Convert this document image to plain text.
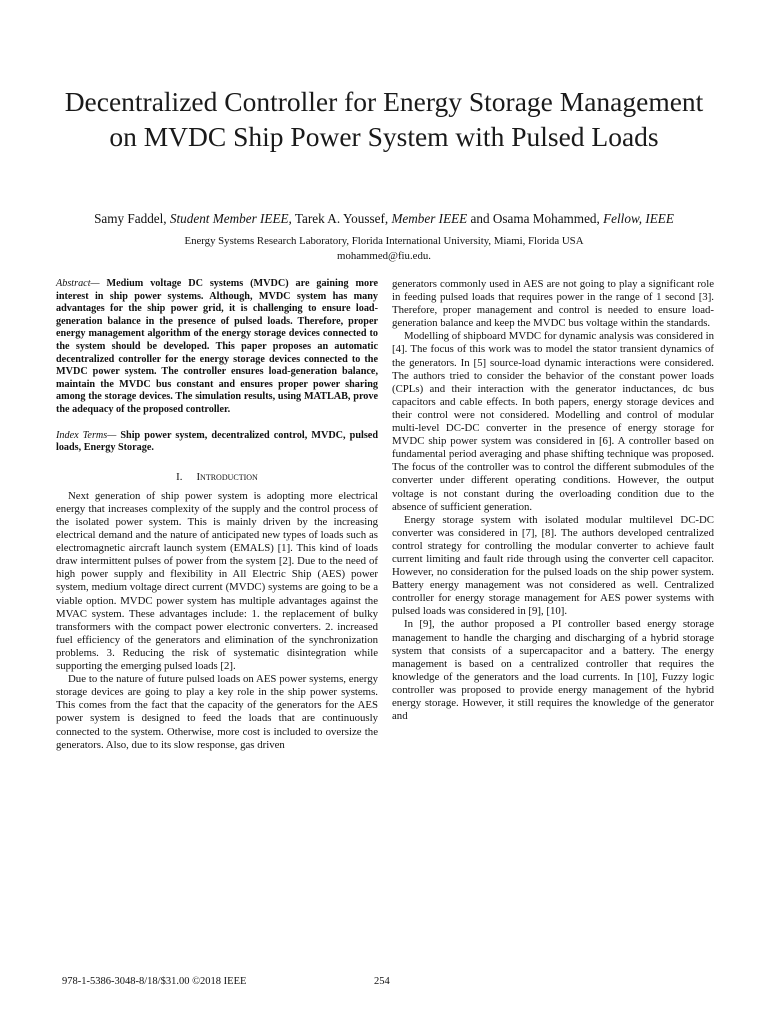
Decentralized Controller for Energy Storage Management on MVDC Ship Power System with Pulsed Loads
Samy Faddel, Student Member IEEE, Tarek A. Youssef, Member IEEE and Osama Mohammed, Fellow, IEEE
Energy Systems Research Laboratory, Florida International University, Miami, Florida USA
mohammed@fiu.edu.

Abstract— Medium voltage DC systems (MVDC) are gaining more interest in ship power systems. Although, MVDC system has many advantages for the ship power grid, it is challenging to ensure load-generation balance in the presence of pulsed loads. Therefore, proper energy management algorithm of the energy storage devices connected to the system should be developed. This paper proposes an automatic decentralized controller for the energy storage devices connected to the MVDC power system. The controller ensures load-generation balance, maintain the MVDC bus constant and ensures proper power sharing among the storage devices. The simulation results, using MATLAB, prove the adequacy of the proposed controller.

Index Terms— Ship power system, decentralized control, MVDC, pulsed loads, Energy Storage.

I. Introduction

Next generation of ship power system is adopting more electrical energy that increases complexity of the supply and the control process of the isolated power system. This is mainly driven by the increasing electrical demand and the nature of anticipated new types of loads such as electromagnetic aircraft launch system (EMALS) [1]. This kind of loads draw intermittent pulses of power from the system [2]. Due to the need of high power supply and flexibility in All Electric Ship (AES) power system, medium voltage direct current (MVDC) systems are going to be a viable option. MVDC power system has multiple advantages against the MVAC system. These advantages include: 1. the replacement of bulky transformers with the compact power electronic converters. 2. increased fuel efficiency of the generators and elimination of the synchronization problems. 3. Reducing the risk of systematic disintegration while supporting the emerging pulsed loads [2].

Due to the nature of future pulsed loads on AES power systems, energy storage devices are going to play a key role in the ship power systems. This comes from the fact that the capacity of the generators for the AES power system is designed to feed the loads that are continuously connected to the system. Otherwise, more cost is included to oversize the generators. Also, due to its slow response, gas driven

generators commonly used in AES are not going to play a significant role in feeding pulsed loads that requires power in the range of 1 second [3]. Therefore, proper management and control is needed to ensure load-generation balance and keep the MVDC bus voltage within the standards.

Modelling of shipboard MVDC for dynamic analysis was considered in [4]. The focus of this work was to model the stator transient dynamics of the generators. In [5] source-load dynamic interactions were considered. The authors tried to consider the behavior of the constant power loads (CPLs) and their interaction with the generator inductances, dc bus capacitors and cable effects. In both papers, energy storage devices and their control were not considered. Modelling and control of modular multi-level DC-DC converter in the presence of energy storage for MVDC ship power system was considered in [6]. A controller based on fundamental period averaging and phase shifting technique was proposed. The focus of the controller was to control the different submodules of the converter under different operating conditions. However, the output voltage is not constant during the overloading condition due to the absence of sufficient generation.

Energy storage system with isolated modular multilevel DC-DC converter was considered in [7], [8]. The authors developed centralized control strategy for controlling the modular converter to achieve fault current limiting and fault ride through using the converter cell capacitor. However, no consideration for the pulsed loads on the ship power system. Battery energy management was not considered as well. Centralized controller for energy storage management for AES power systems with pulsed loads was considered in [9], [10].

In [9], the author proposed a PI controller based energy storage management to handle the charging and discharging of a hybrid storage system that consists of a supercapacitor and a battery. The energy management is based on a centralized controller that requires the knowledge of the generators and the load currents. In [10], Fuzzy logic controller was proposed to provide energy management of the hybrid energy storage. However, it still requires the knowledge of the generator and

978-1-5386-3048-8/18/$31.00 ©2018 IEEE	254
